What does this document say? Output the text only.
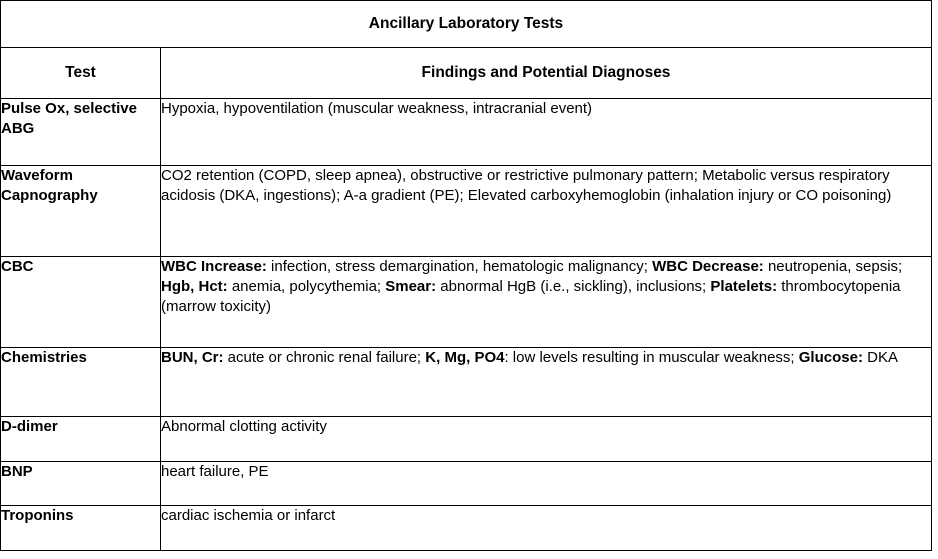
Ancillary Laboratory Tests	
Test	Findings and Potential Diagnoses
Pulse Ox, selective ABG	Hypoxia, hypoventilation (muscular weakness, intracranial event)
Waveform Capnography	CO2 retention (COPD, sleep apnea), obstructive or restrictive pulmonary pattern; Metabolic versus respiratory acidosis (DKA, ingestions); A-a gradient (PE); Elevated carboxyhemoglobin (inhalation injury or CO poisoning)
CBC	WBC Increase: infection, stress demargination, hematologic malignancy; WBC Decrease: neutropenia, sepsis; Hgb, Hct: anemia, polycythemia; Smear: abnormal HgB (i.e., sickling), inclusions; Platelets: thrombocytopenia (marrow toxicity)
Chemistries	BUN, Cr: acute or chronic renal failure; K, Mg, PO4: low levels resulting in muscular weakness; Glucose: DKA
D-dimer	Abnormal clotting activity
BNP	heart failure, PE
Troponins	cardiac ischemia or infarct
